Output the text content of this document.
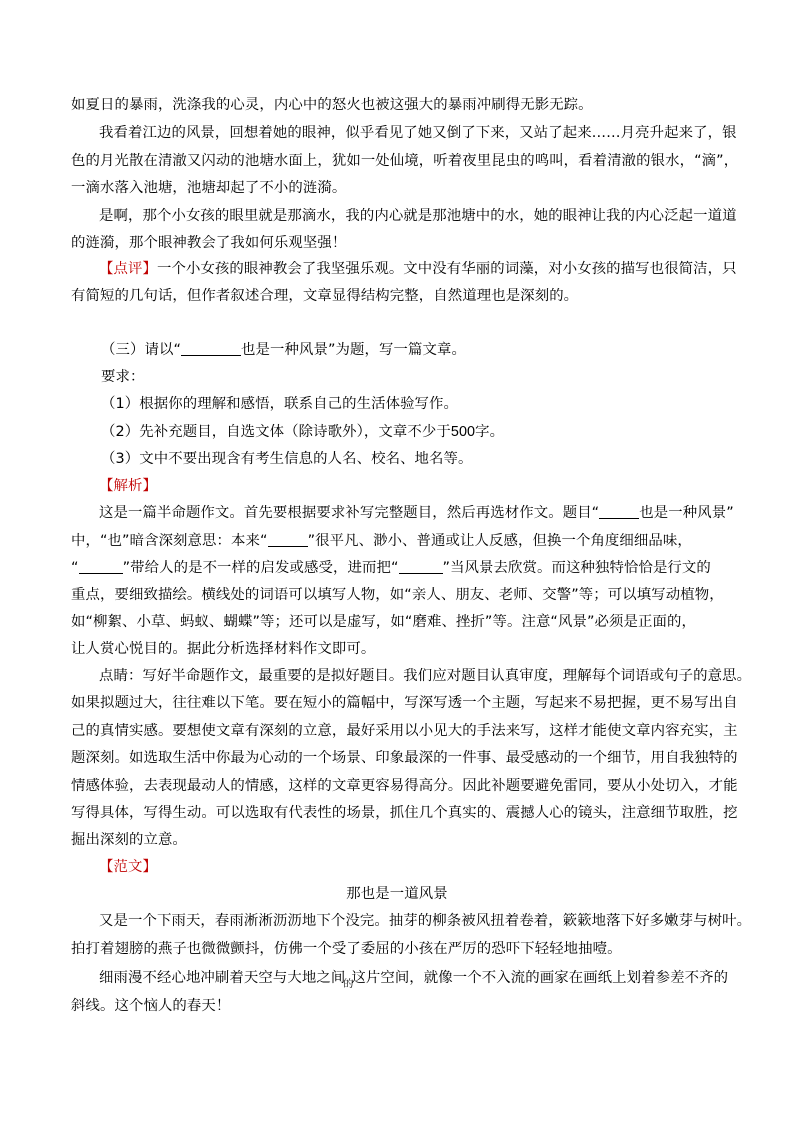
如夏日的暴雨，洗涤我的心灵，内心中的怒火也被这强大的暴雨冲刷得无影无踪。
我看着江边的风景，回想着她的眼神，似乎看见了她又倒了下来，又站了起来……月亮升起来了，银
色的月光散在清澈又闪动的池塘水面上，犹如一处仙境，听着夜里昆虫的鸣叫，看着清澈的银水，“滴”，
一滴水落入池塘，池塘却起了不小的涟漪。
是啊，那个小女孩的眼里就是那滴水，我的内心就是那池塘中的水，她的眼神让我的内心泛起一道道
的涟漪，那个眼神教会了我如何乐观坚强！
【点评】一个小女孩的眼神教会了我坚强乐观。文中没有华丽的词藻，对小女孩的描写也很简洁，只
有简短的几句话，但作者叙述合理，文章显得结构完整，自然道理也是深刻的。
（三）请以“	也是一种风景”为题，写一篇文章。
要求：
（1）根据你的理解和感悟，联系自己的生活体验写作。
（2）先补充题目，自选文体（除诗歌外），文章不少于500字。
（3）文中不要出现含有考生信息的人名、校名、地名等。
【解析】
这是一篇半命题作文。首先要根据要求补写完整题目，然后再选材作文。题目“	也是一种风景”
中，“也”暗含深刻意思：本来“	”很平凡、渺小、普通或让人反感，但换一个角度细细品味，
“	”带给人的是不一样的启发或感受，进而把“	”当风景去欣赏。而这种独特恰恰是行文的
重点，要细致描绘。横线处的词语可以填写人物，如“亲人、朋友、老师、交警”等；可以填写动植物，
如“柳絮、小草、蚂蚁、蝴蝶”等；还可以是虚写，如“磨难、挫折”等。注意“风景”必须是正面的，
让人赏心悦目的。据此分析选择材料作文即可。
点睛：写好半命题作文，最重要的是拟好题目。我们应对题目认真审度，理解每个词语或句子的意思。
如果拟题过大，往往难以下笔。要在短小的篇幅中，写深写透一个主题，写起来不易把握，更不易写出自
己的真情实感。要想使文章有深刻的立意，最好采用以小见大的手法来写，这样才能使文章内容充实，主
题深刻。如选取生活中你最为心动的一个场景、印象最深的一件事、最受感动的一个细节，用自我独特的
情感体验，去表现最动人的情感，这样的文章更容易得高分。因此补题要避免雷同，要从小处切入，才能
写得具体，写得生动。可以选取有代表性的场景，抓住几个真实的、震撼人心的镜头，注意细节取胜，挖
掘出深刻的立意。
【范文】
那也是一道风景
又是一个下雨天，春雨淅淅沥沥地下个没完。抽芽的柳条被风扭着卷着，簌簌地落下好多嫩芽与树叶。
拍打着翅膀的燕子也微微颤抖，仿佛一个受了委屈的小孩在严厉的恐吓下轻轻地抽噎。
细雨漫不经心地冲刷着天空与大地之间
的
这片空间，就像一个不入流的画家在画纸上划着参差不齐的
斜线。这个恼人的春天！
